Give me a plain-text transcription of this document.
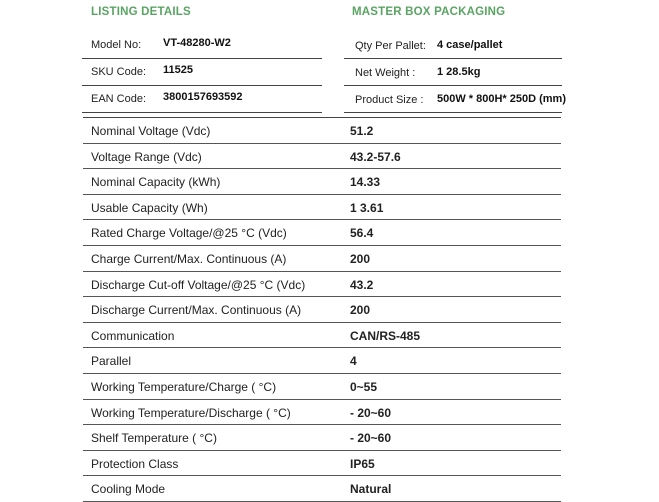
LISTING DETAILS	MASTER BOX PACKAGING
Model No: VT-48280-W2
SKU Code: 11525
EAN Code: 3800157693592
Qty Per Pallet: 4 case/pallet
Net Weight : 1 28.5kg
Product Size : 500W * 800H* 250D (mm)
Nominal Voltage (Vdc)	51.2
Voltage Range (Vdc)	43.2-57.6
Nominal Capacity (kWh)	14.33
Usable Capacity (Wh)	1 3.61
Rated Charge Voltage/@25 °C (Vdc)	56.4
Charge Current/Max. Continuous (A)	200
Discharge Cut-off Voltage/@25 °C (Vdc)	43.2
Discharge Current/Max. Continuous (A)	200
Communication	CAN/RS-485
Parallel	4
Working Temperature/Charge ( °C)	0~55
Working Temperature/Discharge ( °C)	- 20~60
Shelf Temperature ( °C)	- 20~60
Protection Class	IP65
Cooling Mode	Natural
